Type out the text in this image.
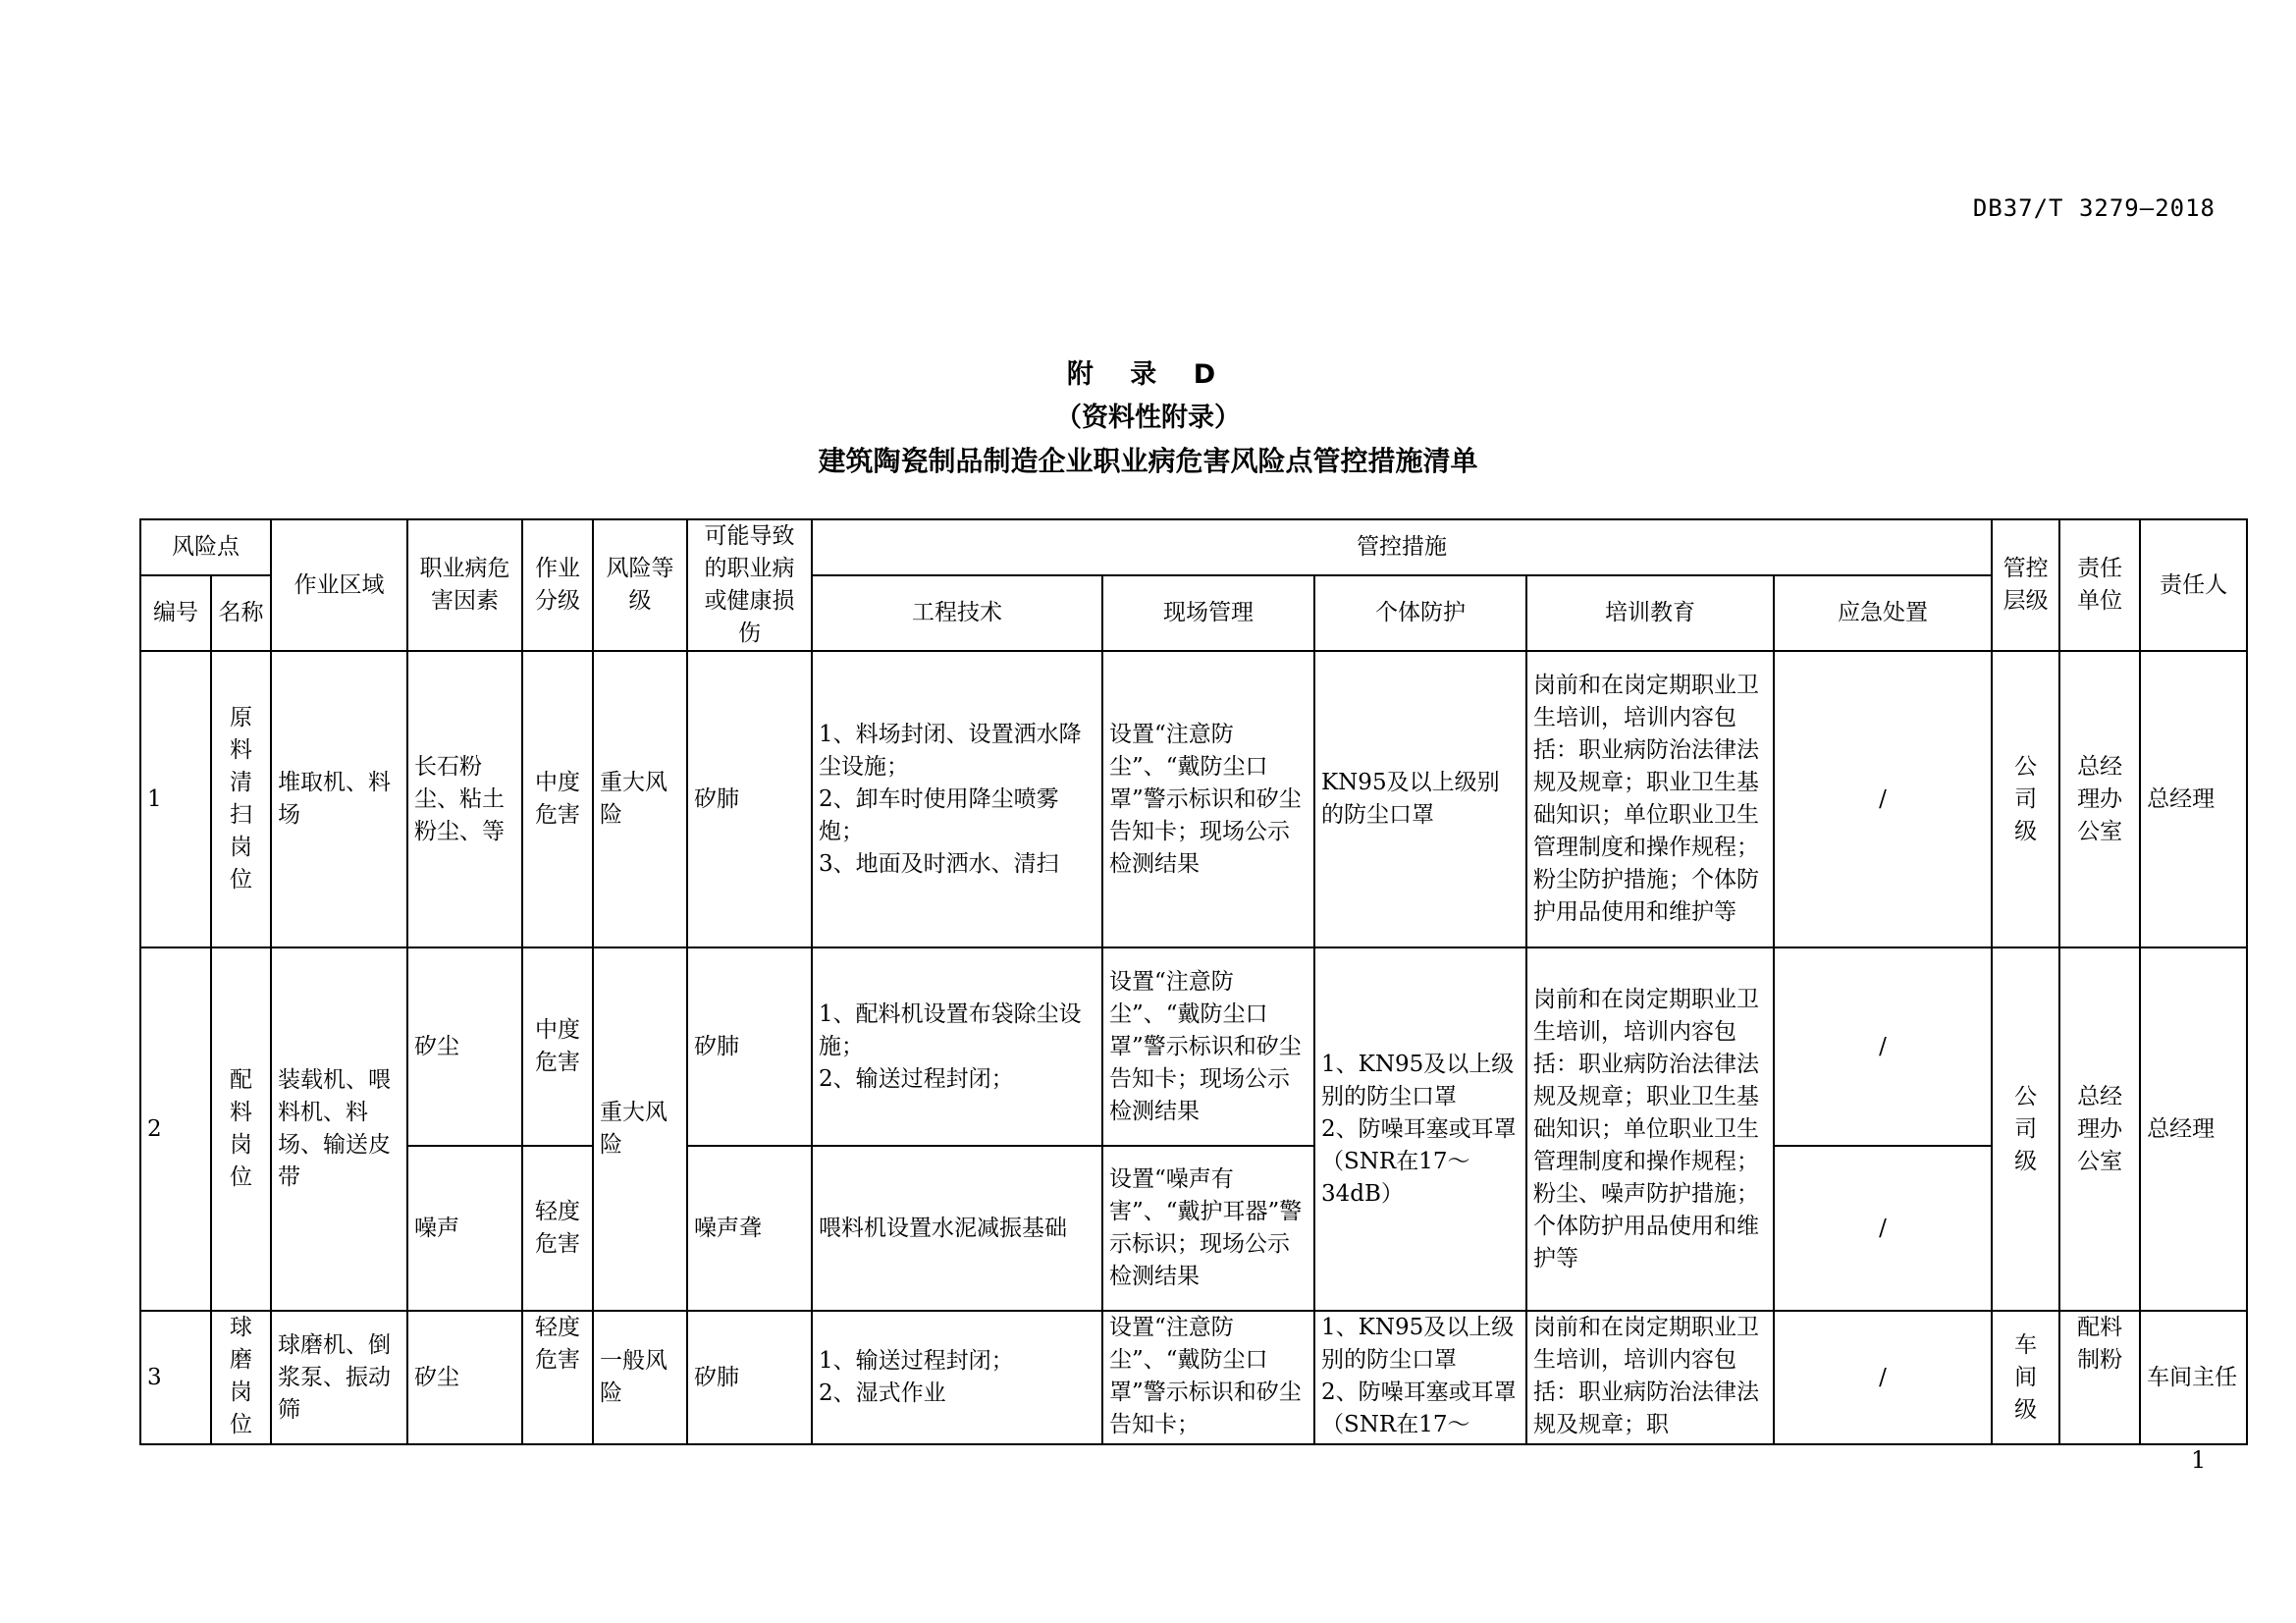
DB37/T 3279—2018
附 录 D
（资料性附录）
建筑陶瓷制品制造企业职业病危害风险点管控措施清单
风险点		作业区域	职业病危害因素	作业分级	风险等级	可能导致的职业病或健康损伤	管控措施					管控层级	责任单位	责任人
编号	名称						工程技术	现场管理	个体防护	培训教育	应急处置			
1	原料清扫岗位	堆取机、料场	长石粉尘、粘土粉尘、等	中度危害	重大风险	矽肺	1、料场封闭、设置洒水降尘设施；
2、卸车时使用降尘喷雾炮；
3、地面及时洒水、清扫	设置“注意防尘”、“戴防尘口罩”警示标识和矽尘告知卡；现场公示检测结果	KN95及以上级别的防尘口罩	岗前和在岗定期职业卫生培训，培训内容包括：职业病防治法律法规及规章；职业卫生基础知识；单位职业卫生管理制度和操作规程；粉尘防护措施；个体防护用品使用和维护等	/	公司级	总经理办公室	总经理
2	配料岗位	装载机、喂料机、料场、输送皮带	矽尘	中度危害	重大风险	矽肺	1、配料机设置布袋除尘设施；
2、输送过程封闭；	设置“注意防尘”、“戴防尘口罩”警示标识和矽尘告知卡；现场公示检测结果	1、KN95及以上级别的防尘口罩
2、防噪耳塞或耳罩（SNR在17～34dB）	岗前和在岗定期职业卫生培训，培训内容包括：职业病防治法律法规及规章；职业卫生基础知识；单位职业卫生管理制度和操作规程；粉尘、噪声防护措施；个体防护用品使用和维护等	/	公司级	总经理办公室	总经理
			噪声	轻度危害		噪声聋	喂料机设置水泥减振基础	设置“噪声有害”、“戴护耳器”警示标识；现场公示检测结果			/			
3	球磨岗位	球磨机、倒浆泵、振动筛	矽尘	轻度危害	一般风险	矽肺	1、输送过程封闭；
2、湿式作业	设置“注意防尘”、“戴防尘口罩”警示标识和矽尘告知卡；	1、KN95及以上级别的防尘口罩
2、防噪耳塞或耳罩（SNR在17～	岗前和在岗定期职业卫生培训，培训内容包括：职业病防治法律法规及规章；职	/	车间级	配料制粉	车间主任
1
